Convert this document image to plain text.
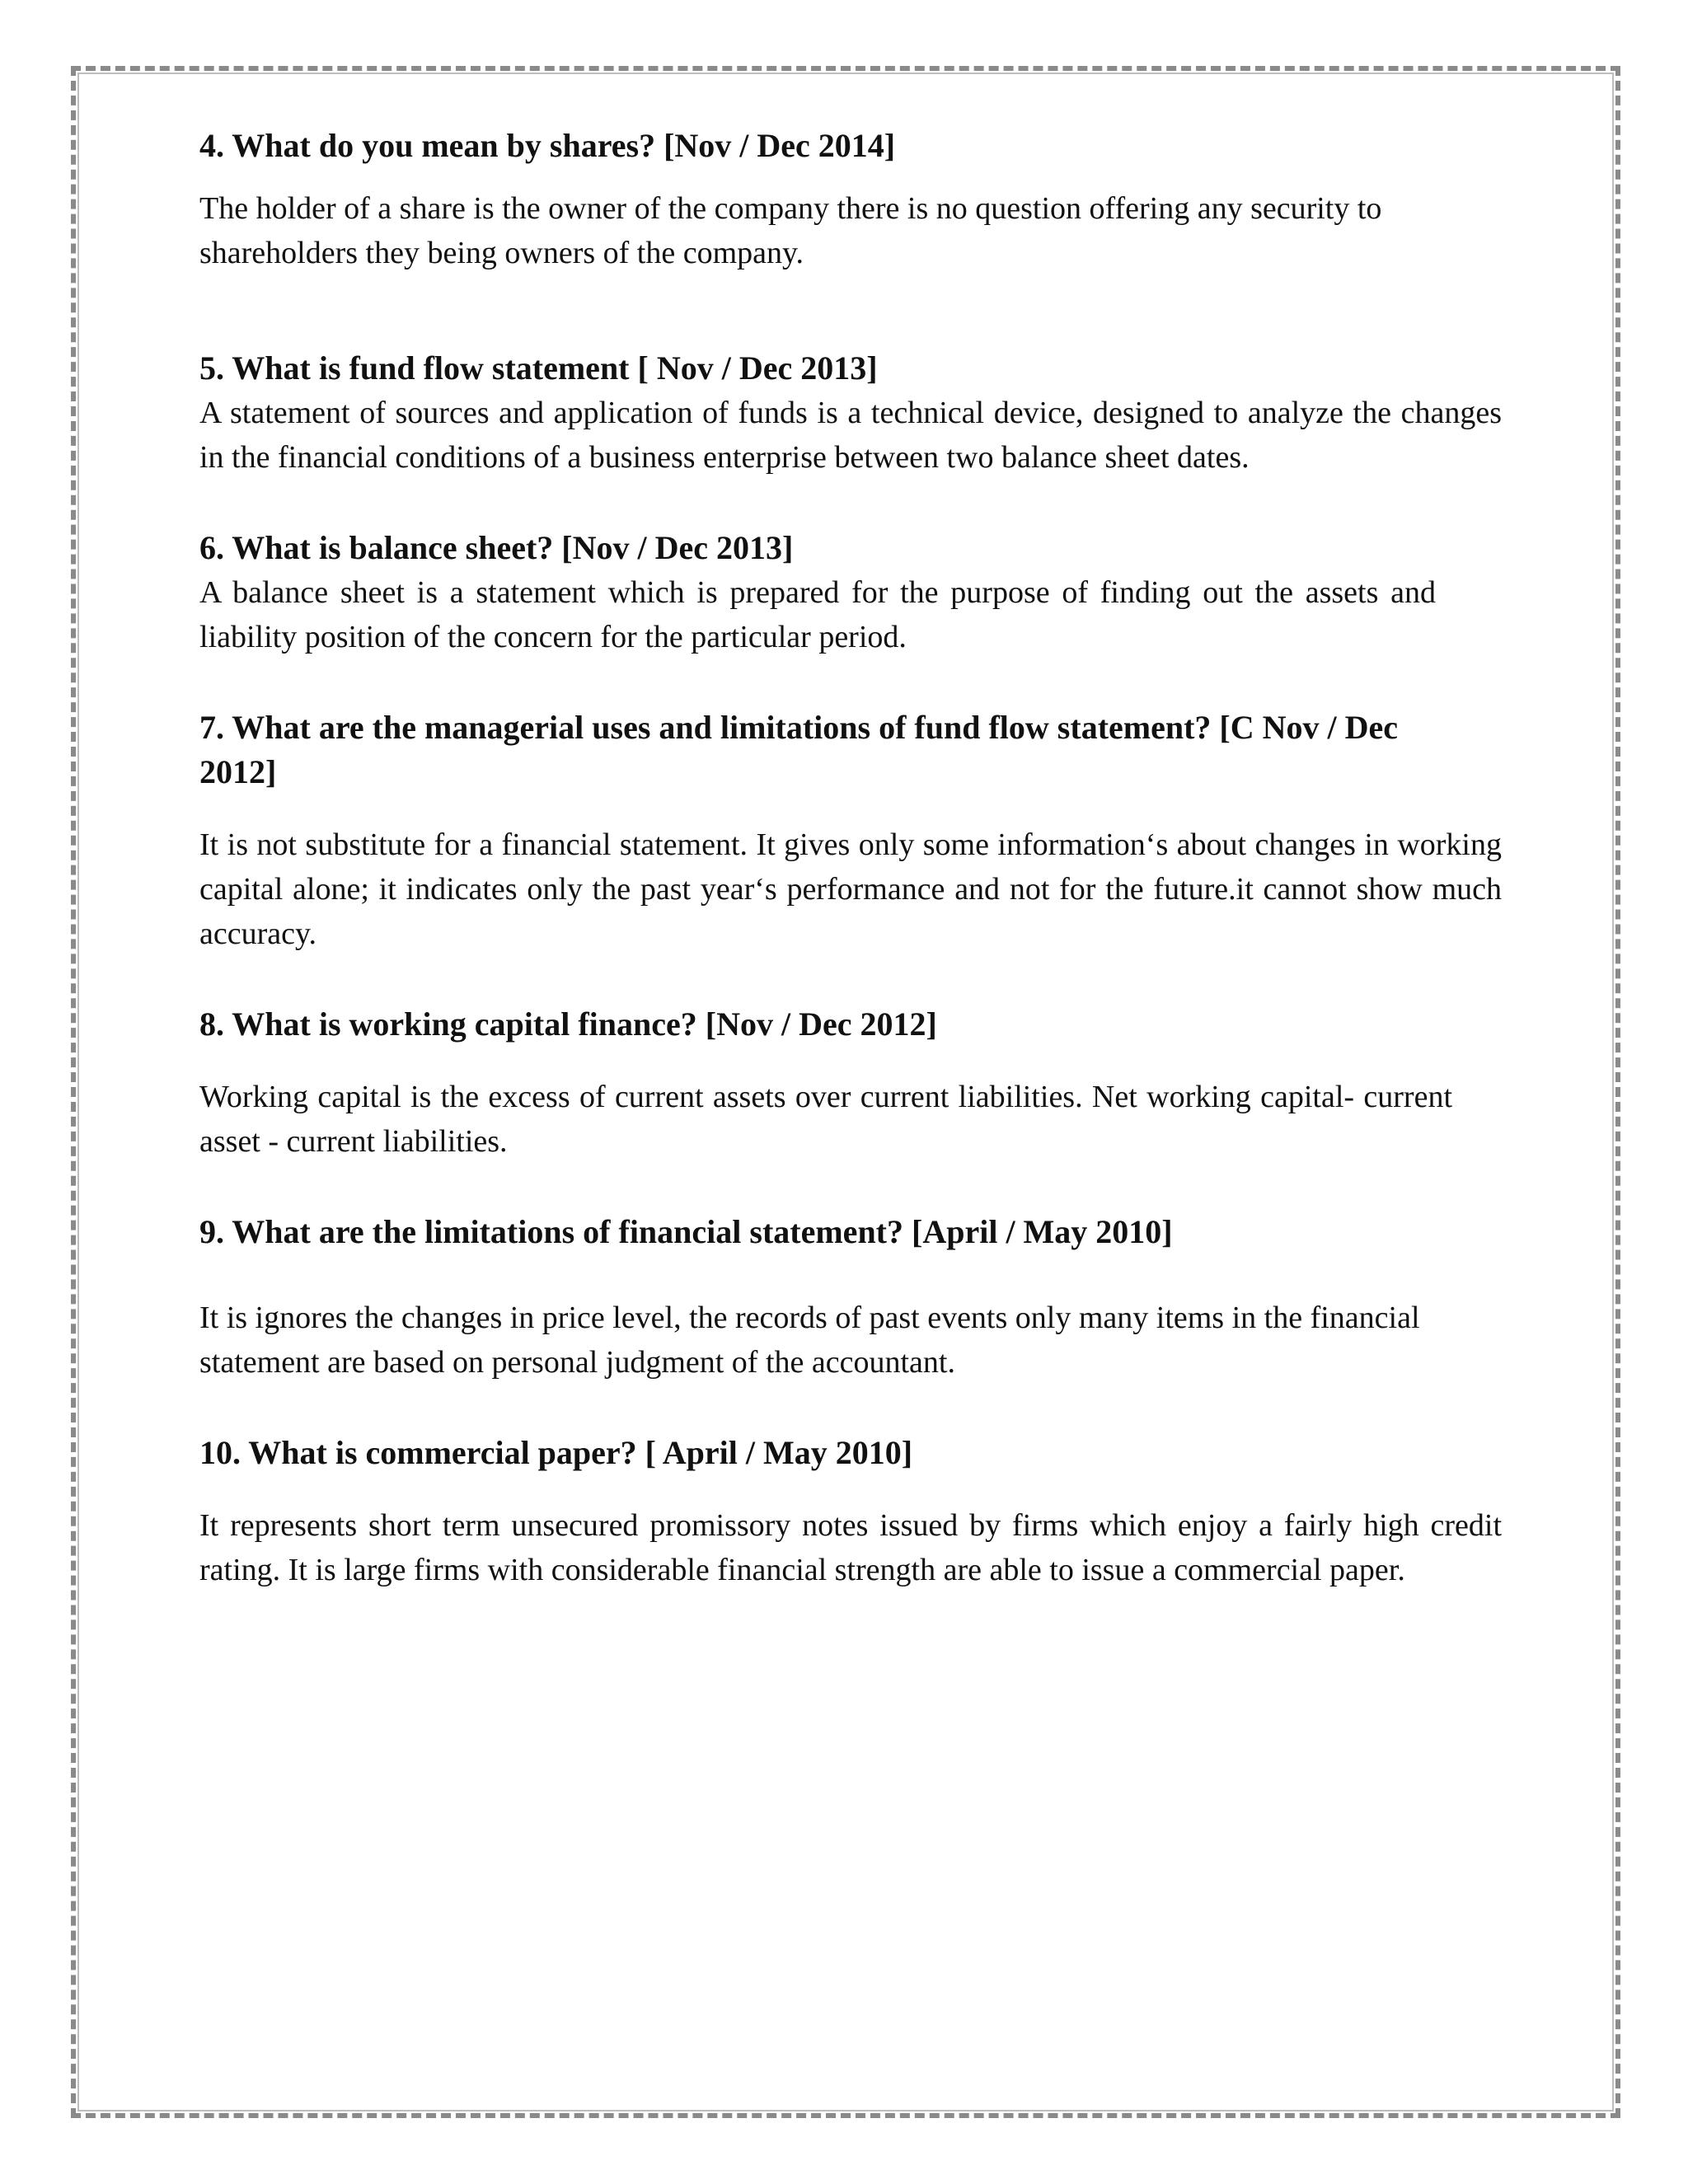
4. What do you mean by shares? [Nov / Dec 2014]

The holder of a share is the owner of the company there is no question offering any security to shareholders they being owners of the company.

5. What is fund flow statement [ Nov / Dec 2013]

A statement of sources and application of funds is a technical device, designed to analyze the changes in the financial conditions of a business enterprise between two balance sheet dates.

6. What is balance sheet? [Nov / Dec 2013]

A balance sheet is a statement which is prepared for the purpose of finding out the assets and liability position of the concern for the particular period.

7. What are the managerial uses and limitations of fund flow statement? [C Nov / Dec 2012]

It is not substitute for a financial statement. It gives only some information‘s about changes in working capital alone; it indicates only the past year‘s performance and not for the future.it cannot show much accuracy.

8. What is working capital finance? [Nov / Dec 2012]

Working capital is the excess of current assets over current liabilities. Net working capital- current asset - current liabilities.

9. What are the limitations of financial statement? [April / May 2010]

It is ignores the changes in price level, the records of past events only many items in the financial statement are based on personal judgment of the accountant.

10. What is commercial paper? [ April / May 2010]

It represents short term unsecured promissory notes issued by firms which enjoy a fairly high credit rating. It is large firms with considerable financial strength are able to issue a commercial paper.
